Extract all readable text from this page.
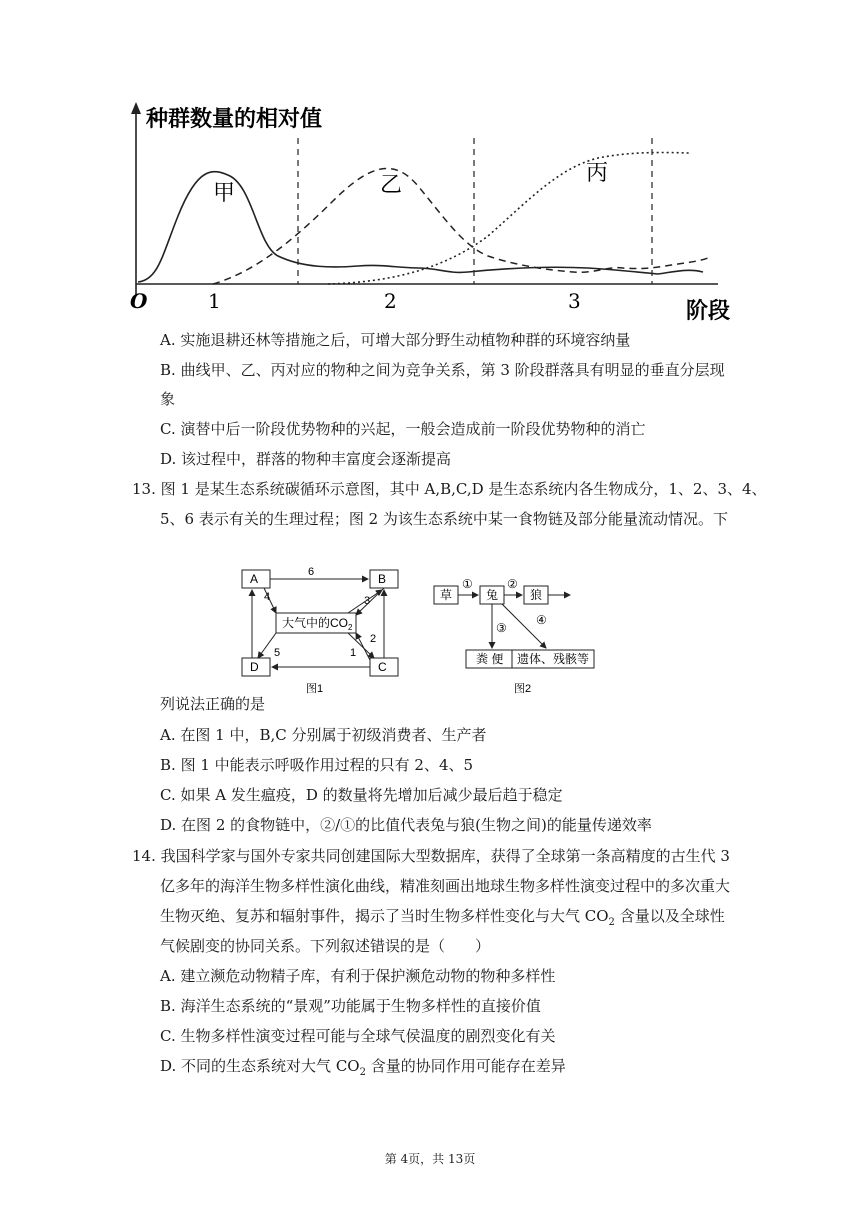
种群数量的相对值
O	1	2	3	阶段
甲	乙	丙
A. 实施退耕还林等措施之后，可增大部分野生动植物种群的环境容纳量
B. 曲线甲、乙、丙对应的物种之间为竞争关系，第 3 阶段群落具有明显的垂直分层现
象
C. 演替中后一阶段优势物种的兴起，一般会造成前一阶段优势物种的消亡
D. 该过程中，群落的物种丰富度会逐渐提高
13. 图 1 是某生态系统碳循环示意图，其中 A,B,C,D 是生态系统内各生物成分，1、2、3、4、
5、6 表示有关的生理过程；图 2 为该生态系统中某一食物链及部分能量流动情况。下
列说法正确的是
A. 在图 1 中，B,C 分别属于初级消费者、生产者
B. 图 1 中能表示呼吸作用过程的只有 2、4、5
C. 如果 A 发生瘟疫，D 的数量将先增加后减少最后趋于稳定
D. 在图 2 的食物链中，②/①的比值代表兔与狼(生物之间)的能量传递效率
14. 我国科学家与国外专家共同创建国际大型数据库，获得了全球第一条高精度的古生代 3
亿多年的海洋生物多样性演化曲线，精准刻画出地球生物多样性演变过程中的多次重大
生物灭绝、复苏和辐射事件，揭示了当时生物多样性变化与大气 $CO_2$ 含量以及全球性
气候剧变的协同关系。下列叙述错误的是（　　）
A. 建立濒危动物精子库，有利于保护濒危动物的物种多样性
B. 海洋生态系统的“景观”功能属于生物多样性的直接价值
C. 生物多样性演变过程可能与全球气侯温度的剧烈变化有关
D. 不同的生态系统对大气 $CO_2$ 含量的协同作用可能存在差异
A	B
C
D
大气中的$CO_2$
1
2
3
4
5
6
图1
草	兔	狼
粪 便 遗体、残骸等
①	②
③
④
图2
第 4页，共 13页
